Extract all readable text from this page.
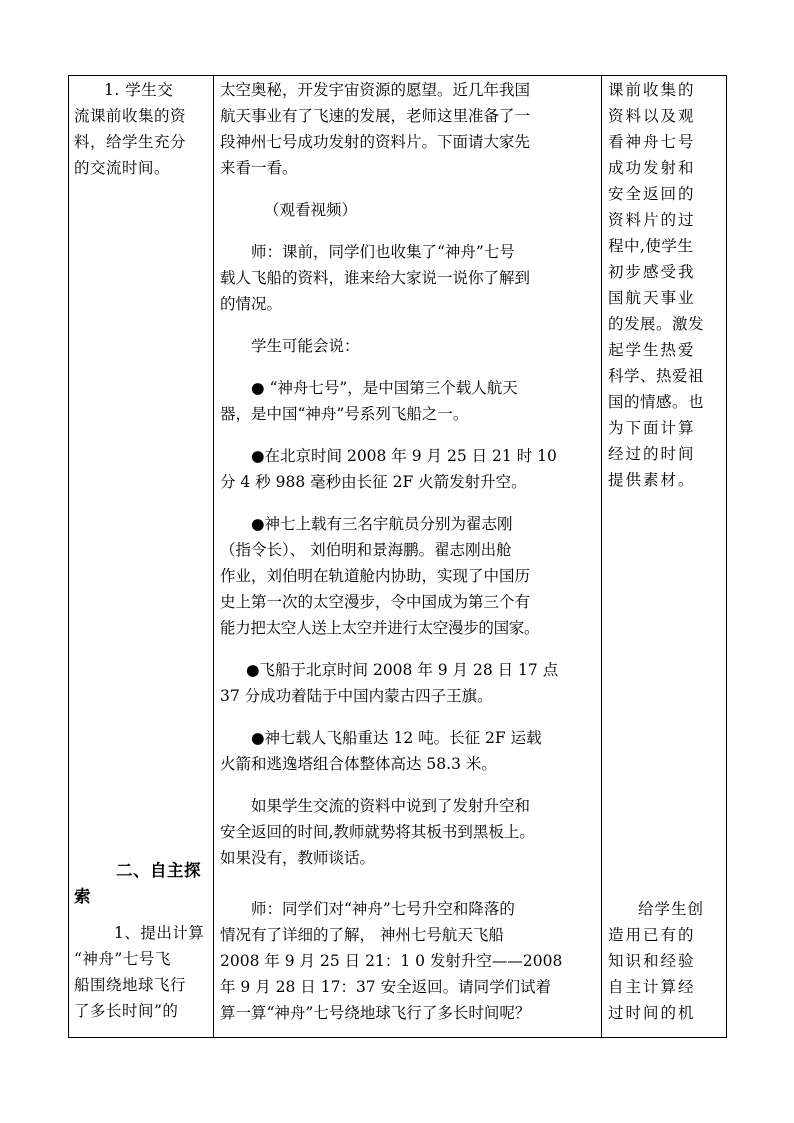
1. 学生交

流课前收集的资

料，给学生充分

的交流时间。

二、自主探

索

1、提出计算

“神舟”七号飞

船围绕地球飞行

了多长时间”的

太空奥秘，开发宇宙资源的愿望。近几年我国

航天事业有了飞速的发展，老师这里准备了一

段神州七号成功发射的资料片。下面请大家先

来看一看。

（观看视频）

师：课前，同学们也收集了“神舟”七号

载人飞船的资料，谁来给大家说一说你了解到

的情况。

学生可能会说：

● “神舟七号”，是中国第三个载人航天

器，是中国“神舟”号系列飞船之一。

●在北京时间 2008 年 9 月 25 日 21 时 10

分 4 秒 988 毫秒由长征 2F 火箭发射升空。

●神七上载有三名宇航员分别为翟志刚

（指令长）、 刘伯明和景海鹏。翟志刚出舱

作业，刘伯明在轨道舱内协助，实现了中国历

史上第一次的太空漫步，令中国成为第三个有

能力把太空人送上太空并进行太空漫步的国家。

●飞船于北京时间 2008 年 9 月 28 日 17 点

37 分成功着陆于中国内蒙古四子王旗。

●神七载人飞船重达 12 吨。长征 2F 运载

火箭和逃逸塔组合体整体高达 58.3 米。

如果学生交流的资料中说到了发射升空和

安全返回的时间,教师就势将其板书到黑板上。

如果没有，教师谈话。

师：同学们对“神舟”七号升空和降落的

情况有了详细的了解， 神州七号航天飞船

2008 年 9 月 25 日 21：1 0 发射升空——2008

年 9 月 28 日 17：37 安全返回。请同学们试着

算一算“神舟”七号绕地球飞行了多长时间呢？

课前收集的

资料以及观

看神舟七号

成功发射和

安全返回的

资料片的过

程中,使学生

初步感受我

国航天事业

的发展。激发

起学生热爱

科学、热爱祖

国的情感。也

为下面计算

经过的时间

提供素材。

给学生创

造用已有的

知识和经验

自主计算经

过时间的机
